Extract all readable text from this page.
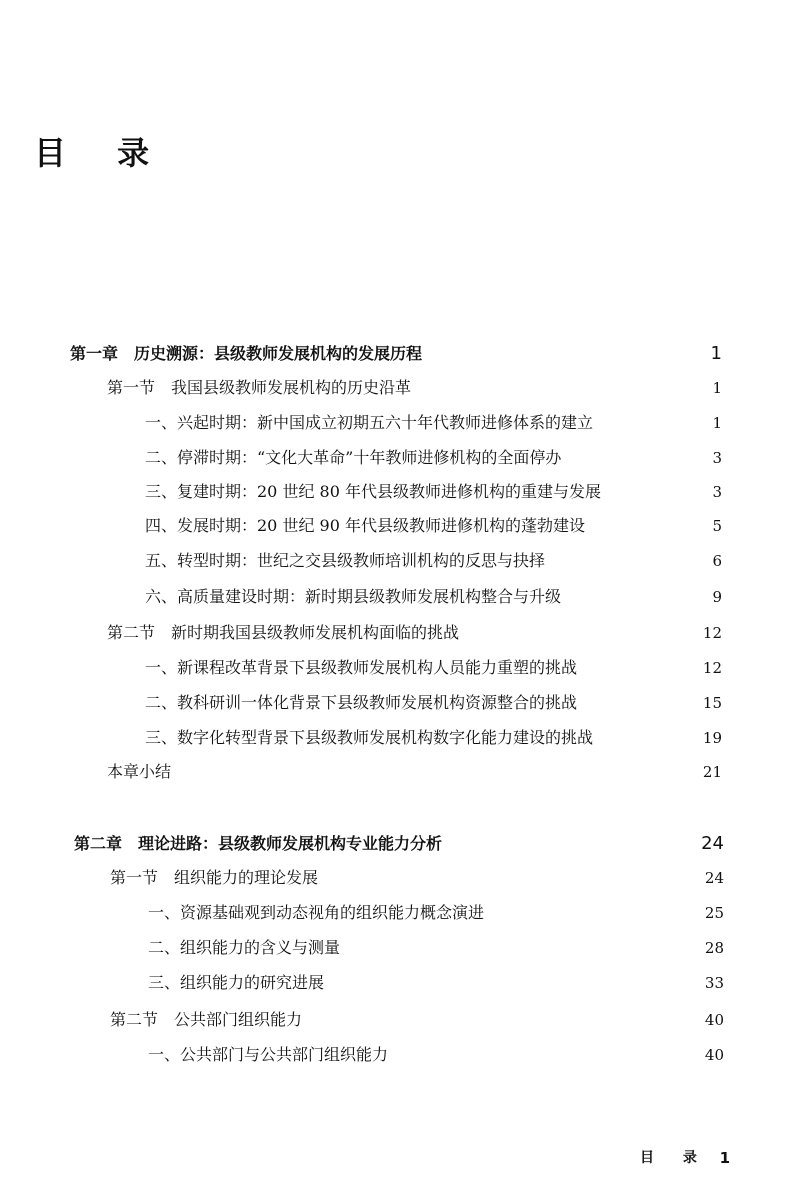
目 录
第一章　历史溯源：县级教师发展机构的发展历程	1
第一节　我国县级教师发展机构的历史沿革	1
一、兴起时期：新中国成立初期五六十年代教师进修体系的建立	1
二、停滞时期：“文化大革命”十年教师进修机构的全面停办	3
三、复建时期：20 世纪 80 年代县级教师进修机构的重建与发展	3
四、发展时期：20 世纪 90 年代县级教师进修机构的蓬勃建设	5
五、转型时期：世纪之交县级教师培训机构的反思与抉择	6
六、高质量建设时期：新时期县级教师发展机构整合与升级	9
第二节　新时期我国县级教师发展机构面临的挑战	12
一、新课程改革背景下县级教师发展机构人员能力重塑的挑战	12
二、教科研训一体化背景下县级教师发展机构资源整合的挑战	15
三、数字化转型背景下县级教师发展机构数字化能力建设的挑战	19
本章小结	21
第二章　理论进路：县级教师发展机构专业能力分析	24
第一节　组织能力的理论发展	24
一、资源基础观到动态视角的组织能力概念演进	25
二、组织能力的含义与测量	28
三、组织能力的研究进展	33
第二节　公共部门组织能力	40
一、公共部门与公共部门组织能力	40
目 录 1
